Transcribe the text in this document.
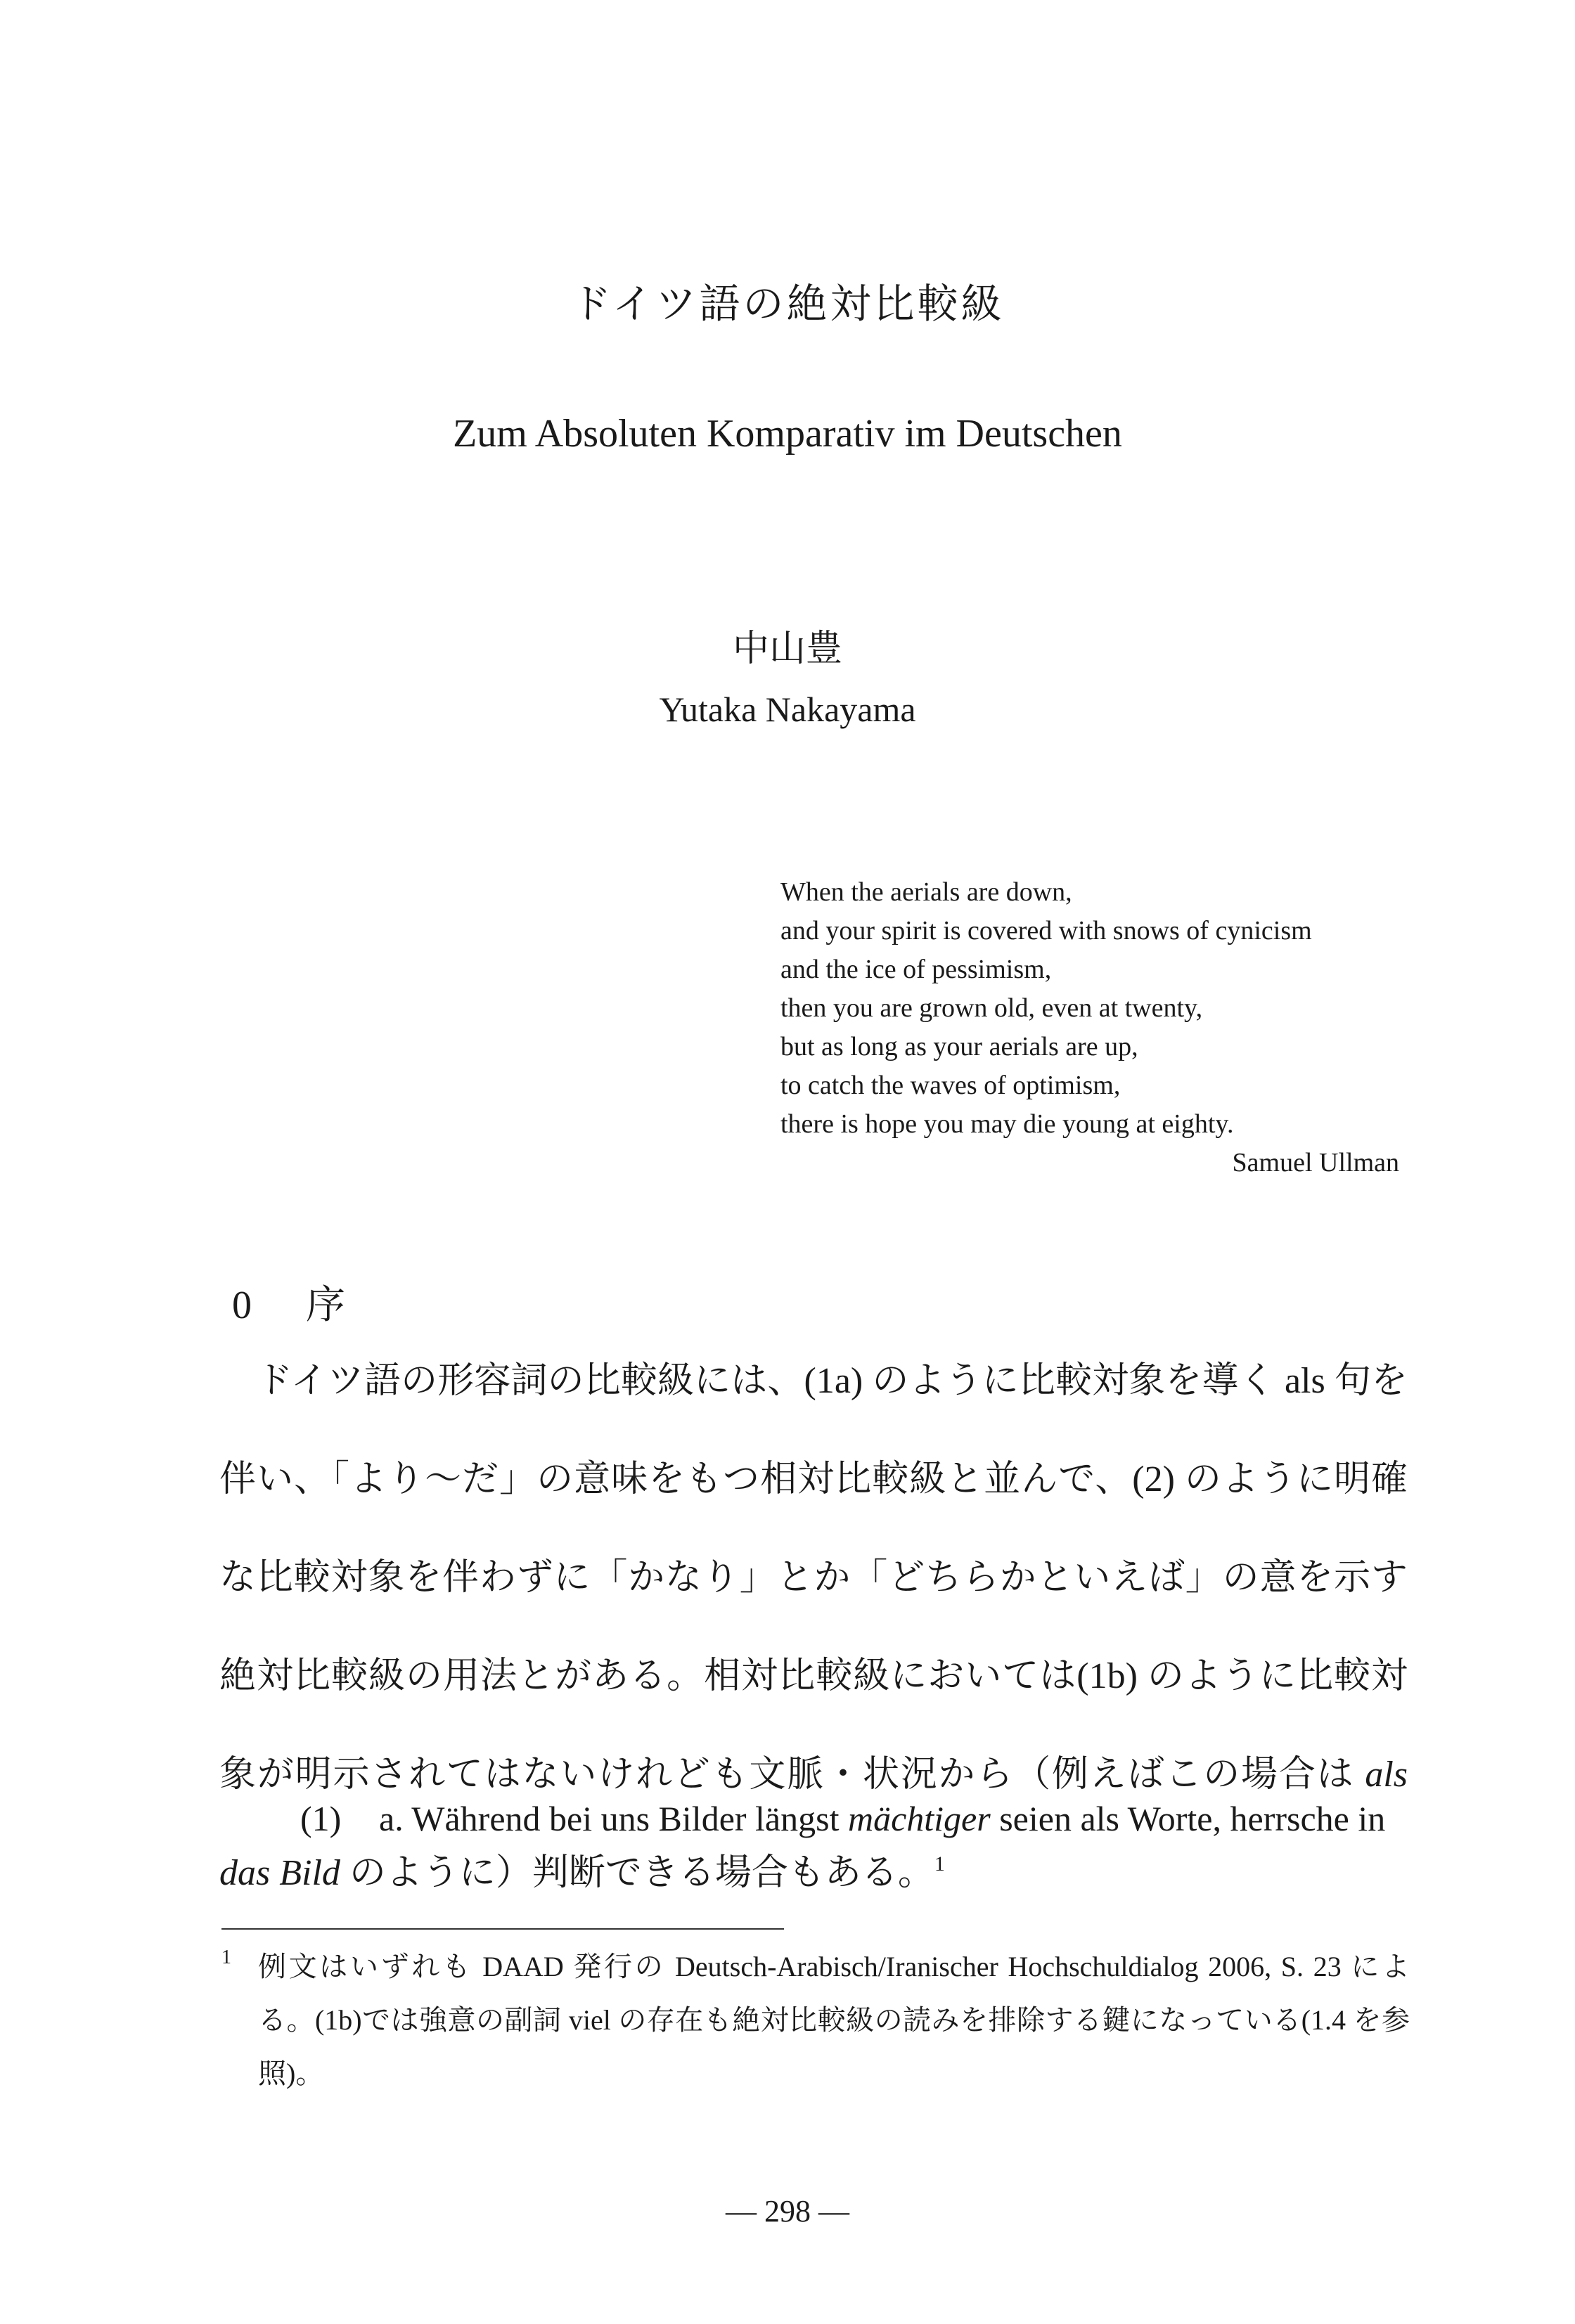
ドイツ語の絶対比較級
Zum Absoluten Komparativ im Deutschen
中山豊
Yutaka Nakayama
When the aerials are down,
and your spirit is covered with snows of cynicism
and the ice of pessimism,
then you are grown old, even at twenty,
but as long as your aerials are up,
to catch the waves of optimism,
there is hope you may die young at eighty.
Samuel Ullman
0 序
ドイツ語の形容詞の比較級には、(1a) のように比較対象を導く als 句を伴い、「より～だ」の意味をもつ相対比較級と並んで、(2) のように明確な比較対象を伴わずに「かなり」とか「どちらかといえば」の意を示す絶対比較級の用法とがある。相対比較級においては(1b) のように比較対象が明示されてはないけれども文脈・状況から（例えばこの場合は als das Bild のように）判断できる場合もある。$^1$
(1) a. Während bei uns Bilder längst mächtiger seien als Worte, herrsche in
1 例文はいずれも DAAD 発行の Deutsch-Arabisch/Iranischer Hochschuldialog 2006, S. 23 による。(1b)では強意の副詞 viel の存在も絶対比較級の読みを排除する鍵になっている(1.4 を参照)。
— 298 —
